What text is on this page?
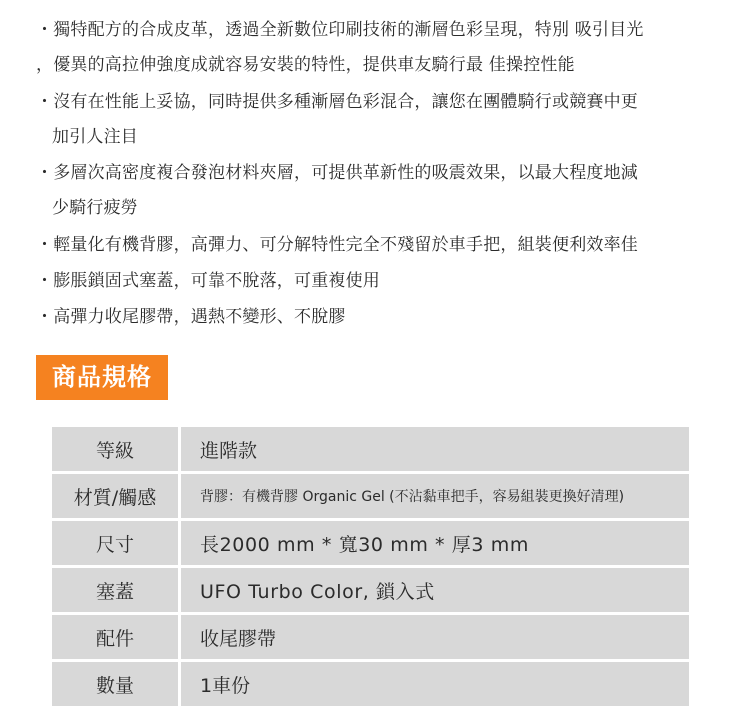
・獨特配方的合成皮革，透過全新數位印刷技術的漸層色彩呈現，特別 吸引目光
，優異的高拉伸強度成就容易安裝的特性，提供車友騎行最 佳操控性能
・沒有在性能上妥協，同時提供多種漸層色彩混合，讓您在團體騎行或競賽中更
加引人注目
・多層次高密度複合發泡材料夾層，可提供革新性的吸震效果，以最大程度地減
少騎行疲勞
・輕量化有機背膠，高彈力、可分解特性完全不殘留於車手把，組裝便利效率佳
・膨脹鎖固式塞蓋，可靠不脫落，可重複使用
・高彈力收尾膠帶，遇熱不變形、不脫膠
商品規格
等級	進階款
材質/觸感	背膠：有機背膠 Organic Gel (不沾黏車把手，容易組裝更換好清理)
尺寸	長2000 mm * 寬30 mm * 厚3 mm
塞蓋	UFO Turbo Color, 鎖入式
配件	收尾膠帶
數量	1車份
